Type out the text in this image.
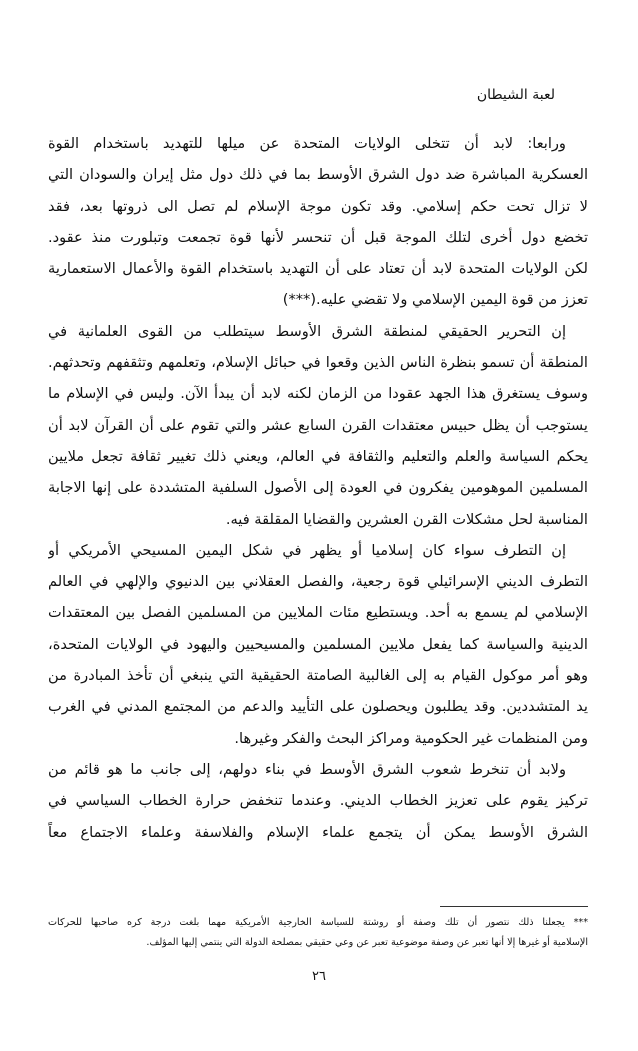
لعبة الشيطان
ورابعا: لابد أن تتخلى الولايات المتحدة عن ميلها للتهديد باستخدام القوة
العسكرية المباشرة ضد دول الشرق الأوسط بما في ذلك دول مثل إيران والسودان التي
لا تزال تحت حكم إسلامي. وقد تكون موجة الإسلام لم تصل الى ذروتها بعد، فقد
تخضع دول أخرى لتلك الموجة قبل أن تنحسر لأنها قوة تجمعت وتبلورت منذ عقود.
لكن الولايات المتحدة لابد أن تعتاد على أن التهديد باستخدام القوة والأعمال الاستعمارية
تعزز من قوة اليمين الإسلامي ولا تقضي عليه.(***)
إن التحرير الحقيقي لمنطقة الشرق الأوسط سيتطلب من القوى العلمانية في
المنطقة أن تسمو بنظرة الناس الذين وقعوا في حبائل الإسلام، وتعلمهم وتثقفهم وتحدثهم.
وسوف يستغرق هذا الجهد عقودا من الزمان لكنه لابد أن يبدأ الآن. وليس في الإسلام ما
يستوجب أن يظل حبيس معتقدات القرن السابع عشر والتي تقوم على أن القرآن لابد أن
يحكم السياسة والعلم والتعليم والثقافة في العالم، ويعني ذلك تغيير ثقافة تجعل ملايين
المسلمين الموهومين يفكرون في العودة إلى الأصول السلفية المتشددة على إنها الاجابة
المناسبة لحل مشكلات القرن العشرين والقضايا المقلقة فيه.
إن التطرف سواء كان إسلاميا أو يظهر في شكل اليمين المسيحي الأمريكي أو
التطرف الديني الإسرائيلي قوة رجعية، والفصل العقلاني بين الدنيوي والإلهي في العالم
الإسلامي لم يسمع به أحد. ويستطيع مئات الملايين من المسلمين الفصل بين المعتقدات
الدينية والسياسة كما يفعل ملايين المسلمين والمسيحيين واليهود في الولايات المتحدة،
وهو أمر موكول القيام به إلى الغالبية الصامتة الحقيقية التي ينبغي أن تأخذ المبادرة من
يد المتشددين. وقد يطلبون ويحصلون على التأييد والدعم من المجتمع المدني في الغرب
ومن المنظمات غير الحكومية ومراكز البحث والفكر وغيرها.
ولابد أن تنخرط شعوب الشرق الأوسط في بناء دولهم، إلى جانب ما هو قائم من
تركيز يقوم على تعزيز الخطاب الديني. وعندما تنخفض حرارة الخطاب السياسي في
الشرق الأوسط يمكن أن يتجمع علماء الإسلام والفلاسفة وعلماء الاجتماع معاً
*** يجعلنا ذلك نتصور أن تلك وصفة أو روشتة للسياسة الخارجية الأمريكية مهما بلغت درجة كره صاحبها للحركات
الإسلامية أو غيرها إلا أنها تعبر عن وصفة موضوعية تعبر عن وعي حقيقي بمصلحة الدولة التي ينتمي إليها المؤلف.
٢٦
